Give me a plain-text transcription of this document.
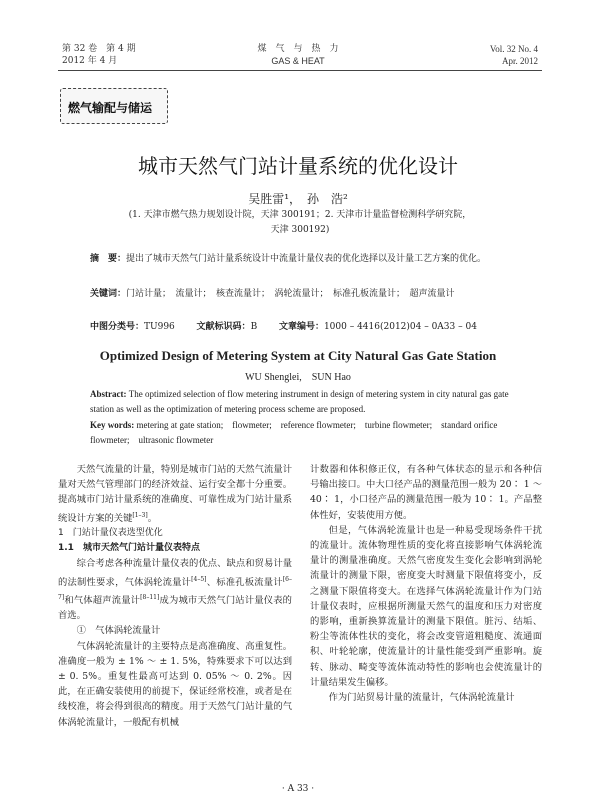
第 32 卷　第 4 期
2012 年 4 月
煤　气　与　热　力
GAS & HEAT
Vol. 32 No. 4
Apr. 2012
燃气输配与储运
城市天然气门站计量系统的优化设计
吴胜雷¹，　孙　浩²
(1. 天津市燃气热力规划设计院，天津 300191；2. 天津市计量监督检测科学研究院，
天津 300192)
摘　要：提出了城市天然气门站计量系统设计中流量计量仪表的优化选择以及计量工艺方案的优化。
关键词：门站计量；　流量计；　核查流量计；　涡轮流量计；　标准孔板流量计；　超声流量计
中图分类号：TU996 文献标识码：B 文章编号：1000 – 4416(2012)04 – 0A33 – 04
Optimized Design of Metering System at City Natural Gas Gate Station
WU Shenglei,　SUN Hao
Abstract: The optimized selection of flow metering instrument in design of metering system in city natural gas gate station as well as the optimization of metering process scheme are proposed.
Key words: metering at gate station;　flowmeter;　reference flowmeter;　turbine flowmeter;　standard orifice flowmeter;　ultrasonic flowmeter

天然气流量的计量，特别是城市门站的天然气流量计量对天然气管理部门的经济效益、运行安全都十分重要。提高城市门站计量系统的准确度、可靠性成为门站计量系统设计方案的关键[1–3]。

1　门站计量仪表选型优化

1.1　城市天然气门站计量仪表特点

综合考虑各种流量计量仪表的优点、缺点和贸易计量的法制性要求，气体涡轮流量计[4–5]、标准孔板流量计[6–7]和气体超声流量计[8–11]成为城市天然气门站计量仪表的首选。

①　气体涡轮流量计

气体涡轮流量计的主要特点是高准确度、高重复性。准确度一般为 ± 1% ～ ± 1. 5%，特殊要求下可以达到 ± 0. 5%。重复性最高可达到 0. 05% ～ 0. 2%。因此，在正确安装使用的前提下，保证经常校准，或者是在线校准，将会得到很高的精度。用于天然气门站计量的气体涡轮流量计，一般配有机械

计数器和体积修正仪，有各种气体状态的显示和各种信号输出接口。中大口径产品的测量范围一般为 20∶ 1 ～40∶ 1，小口径产品的测量范围一般为 10∶ 1。产品整体性好，安装使用方便。

但是，气体涡轮流量计也是一种易受现场条件干扰的流量计。流体物理性质的变化将直接影响气体涡轮流量计的测量准确度。天然气密度发生变化会影响到涡轮流量计的测量下限，密度变大时测量下限值将变小，反之测量下限值将变大。在选择气体涡轮流量计作为门站计量仪表时，应根据所测量天然气的温度和压力对密度的影响，重新换算流量计的测量下限值。脏污、结垢、粉尘等流体性状的变化，将会改变管道粗糙度、流通面积、叶轮轮廓，使流量计的计量性能受到严重影响。旋转、脉动、畸变等流体流动特性的影响也会使流量计的计量结果发生偏移。

作为门站贸易计量的流量计，气体涡轮流量计

· A 33 ·
